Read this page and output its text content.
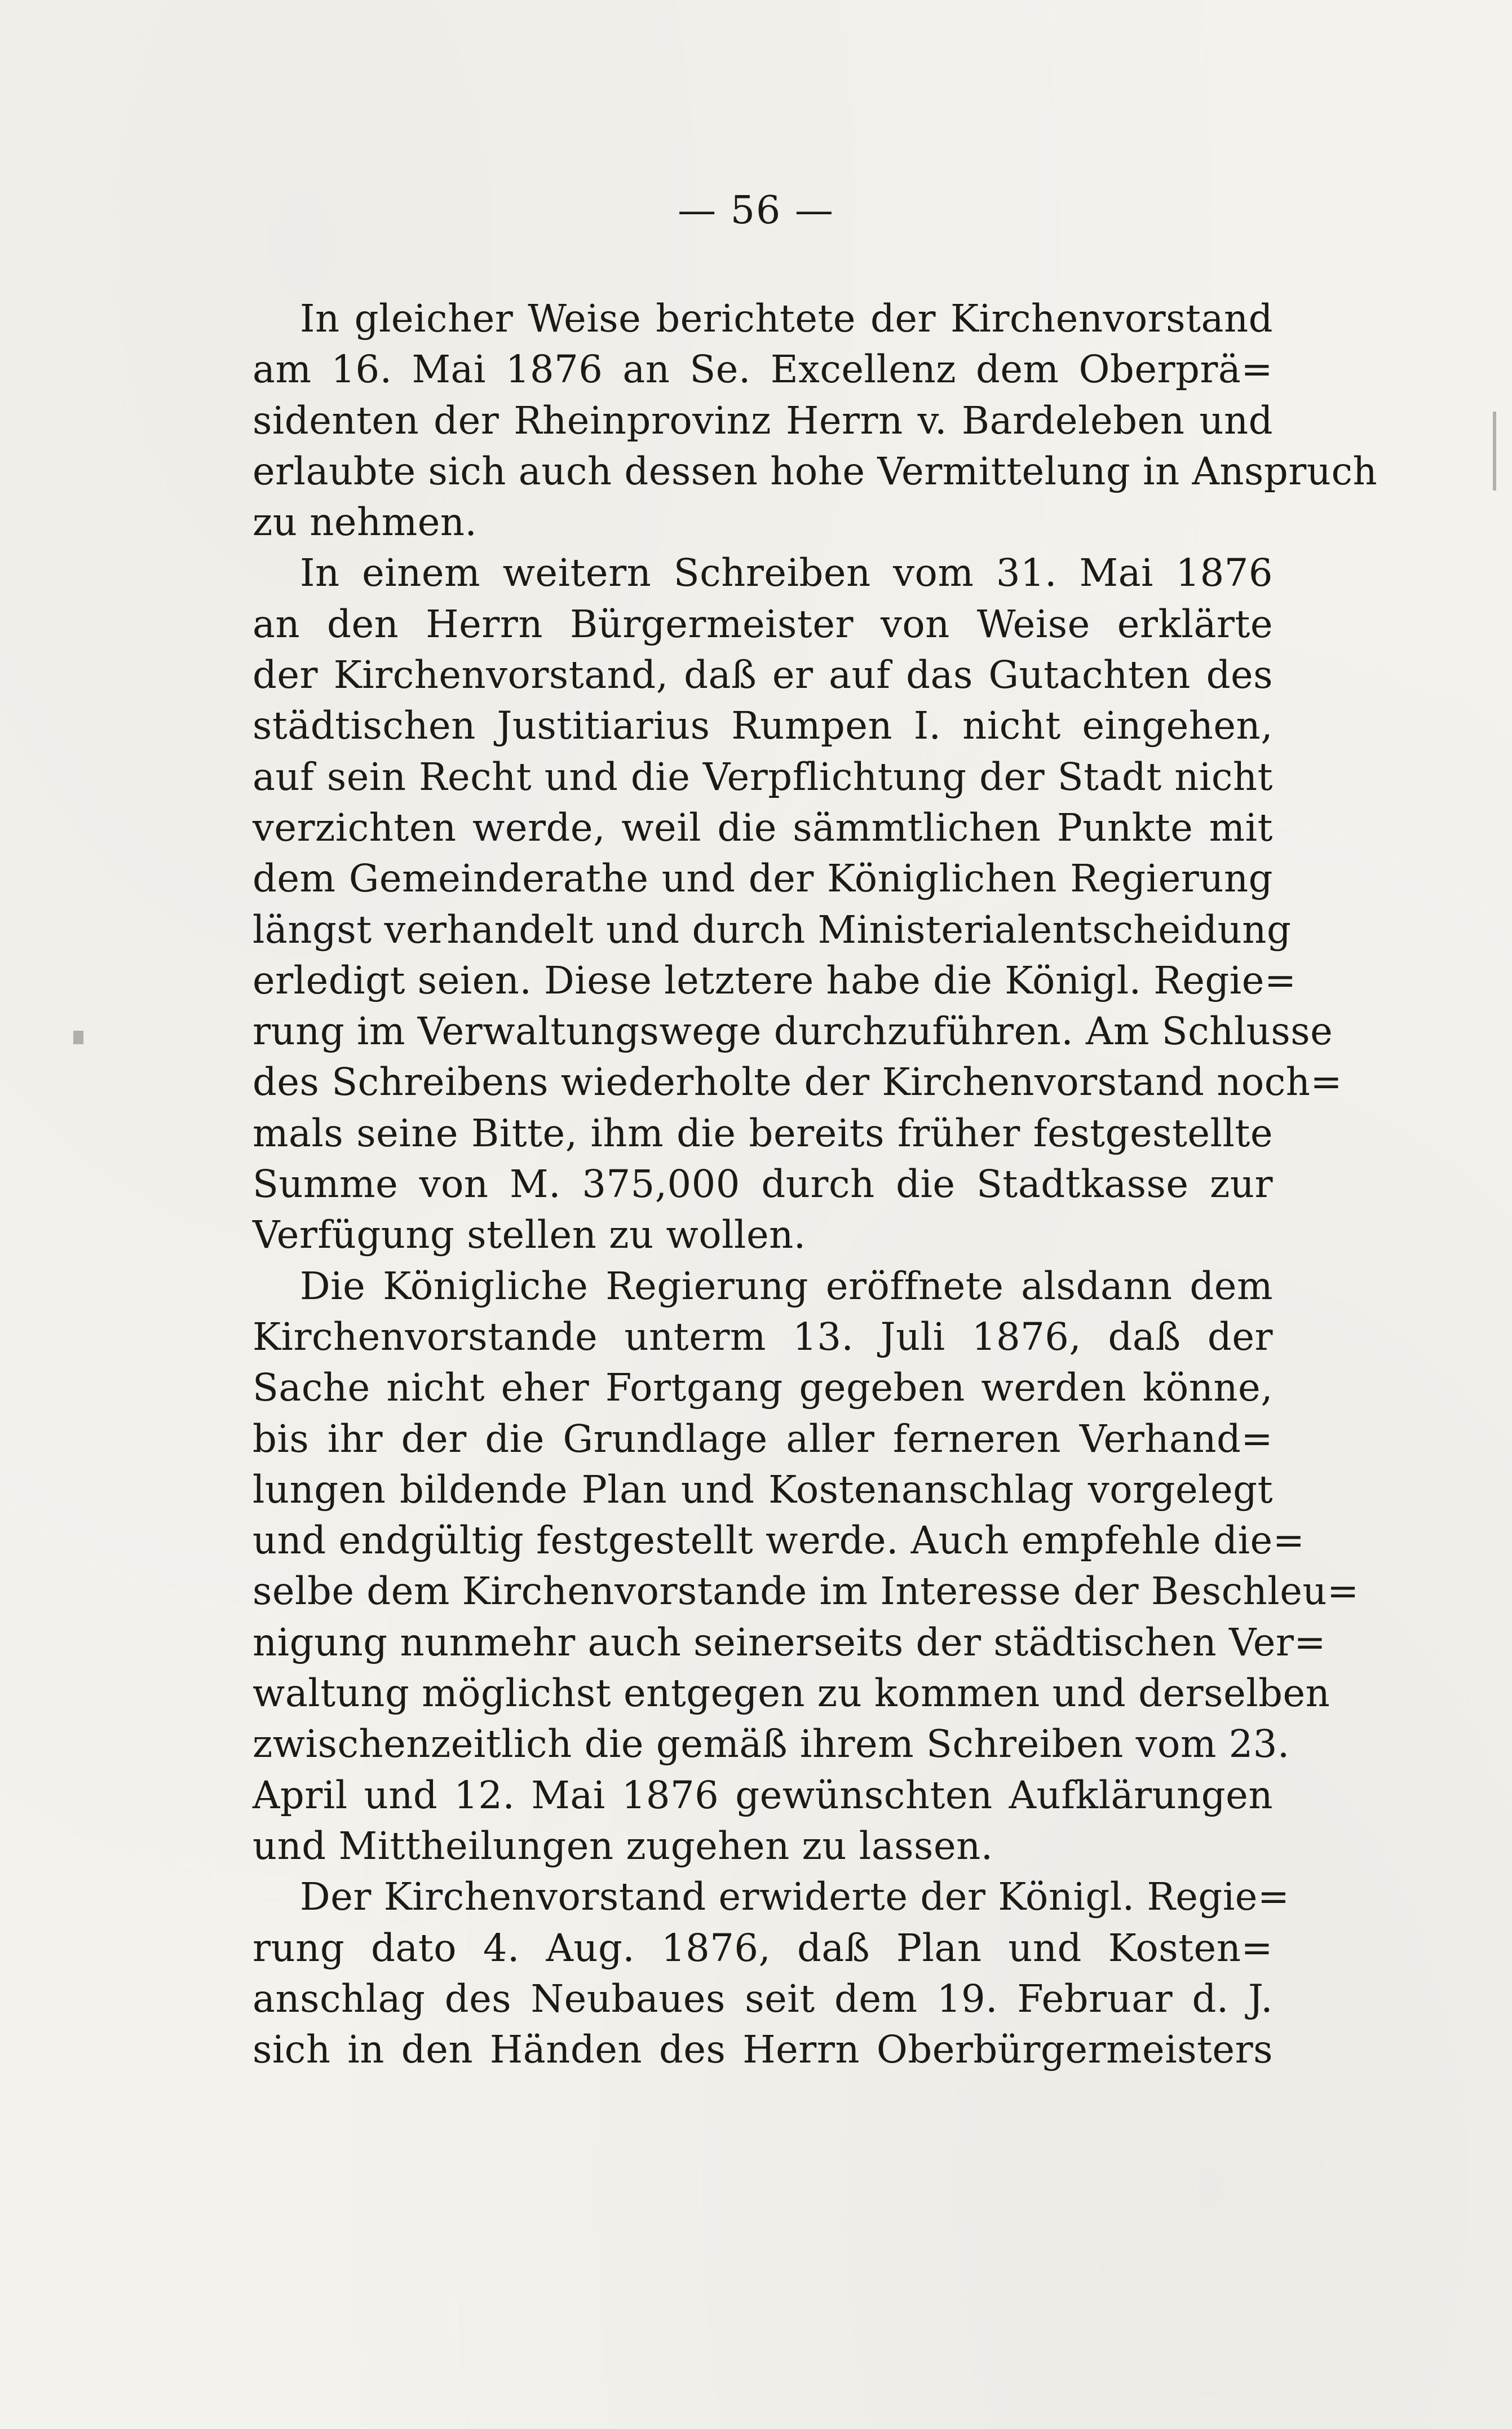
— 56 —
In gleicher Weise berichtete der Kirchenvorstand
am 16. Mai 1876 an Se. Excellenz dem Oberprä=
sidenten der Rheinprovinz Herrn v. Bardeleben und
erlaubte sich auch dessen hohe Vermittelung in Anspruch
zu nehmen.
In einem weitern Schreiben vom 31. Mai 1876
an den Herrn Bürgermeister von Weise erklärte
der Kirchenvorstand, daß er auf das Gutachten des
städtischen Justitiarius Rumpen I. nicht eingehen,
auf sein Recht und die Verpflichtung der Stadt nicht
verzichten werde, weil die sämmtlichen Punkte mit
dem Gemeinderathe und der Königlichen Regierung
längst verhandelt und durch Ministerialentscheidung
erledigt seien. Diese letztere habe die Königl. Regie=
rung im Verwaltungswege durchzuführen. Am Schlusse
des Schreibens wiederholte der Kirchenvorstand noch=
mals seine Bitte, ihm die bereits früher festgestellte
Summe von M. 375,000 durch die Stadtkasse zur
Verfügung stellen zu wollen.
Die Königliche Regierung eröffnete alsdann dem
Kirchenvorstande unterm 13. Juli 1876, daß der
Sache nicht eher Fortgang gegeben werden könne,
bis ihr der die Grundlage aller ferneren Verhand=
lungen bildende Plan und Kostenanschlag vorgelegt
und endgültig festgestellt werde. Auch empfehle die=
selbe dem Kirchenvorstande im Interesse der Beschleu=
nigung nunmehr auch seinerseits der städtischen Ver=
waltung möglichst entgegen zu kommen und derselben
zwischenzeitlich die gemäß ihrem Schreiben vom 23.
April und 12. Mai 1876 gewünschten Aufklärungen
und Mittheilungen zugehen zu lassen.
Der Kirchenvorstand erwiderte der Königl. Regie=
rung dato 4. Aug. 1876, daß Plan und Kosten=
anschlag des Neubaues seit dem 19. Februar d. J.
sich in den Händen des Herrn Oberbürgermeisters
